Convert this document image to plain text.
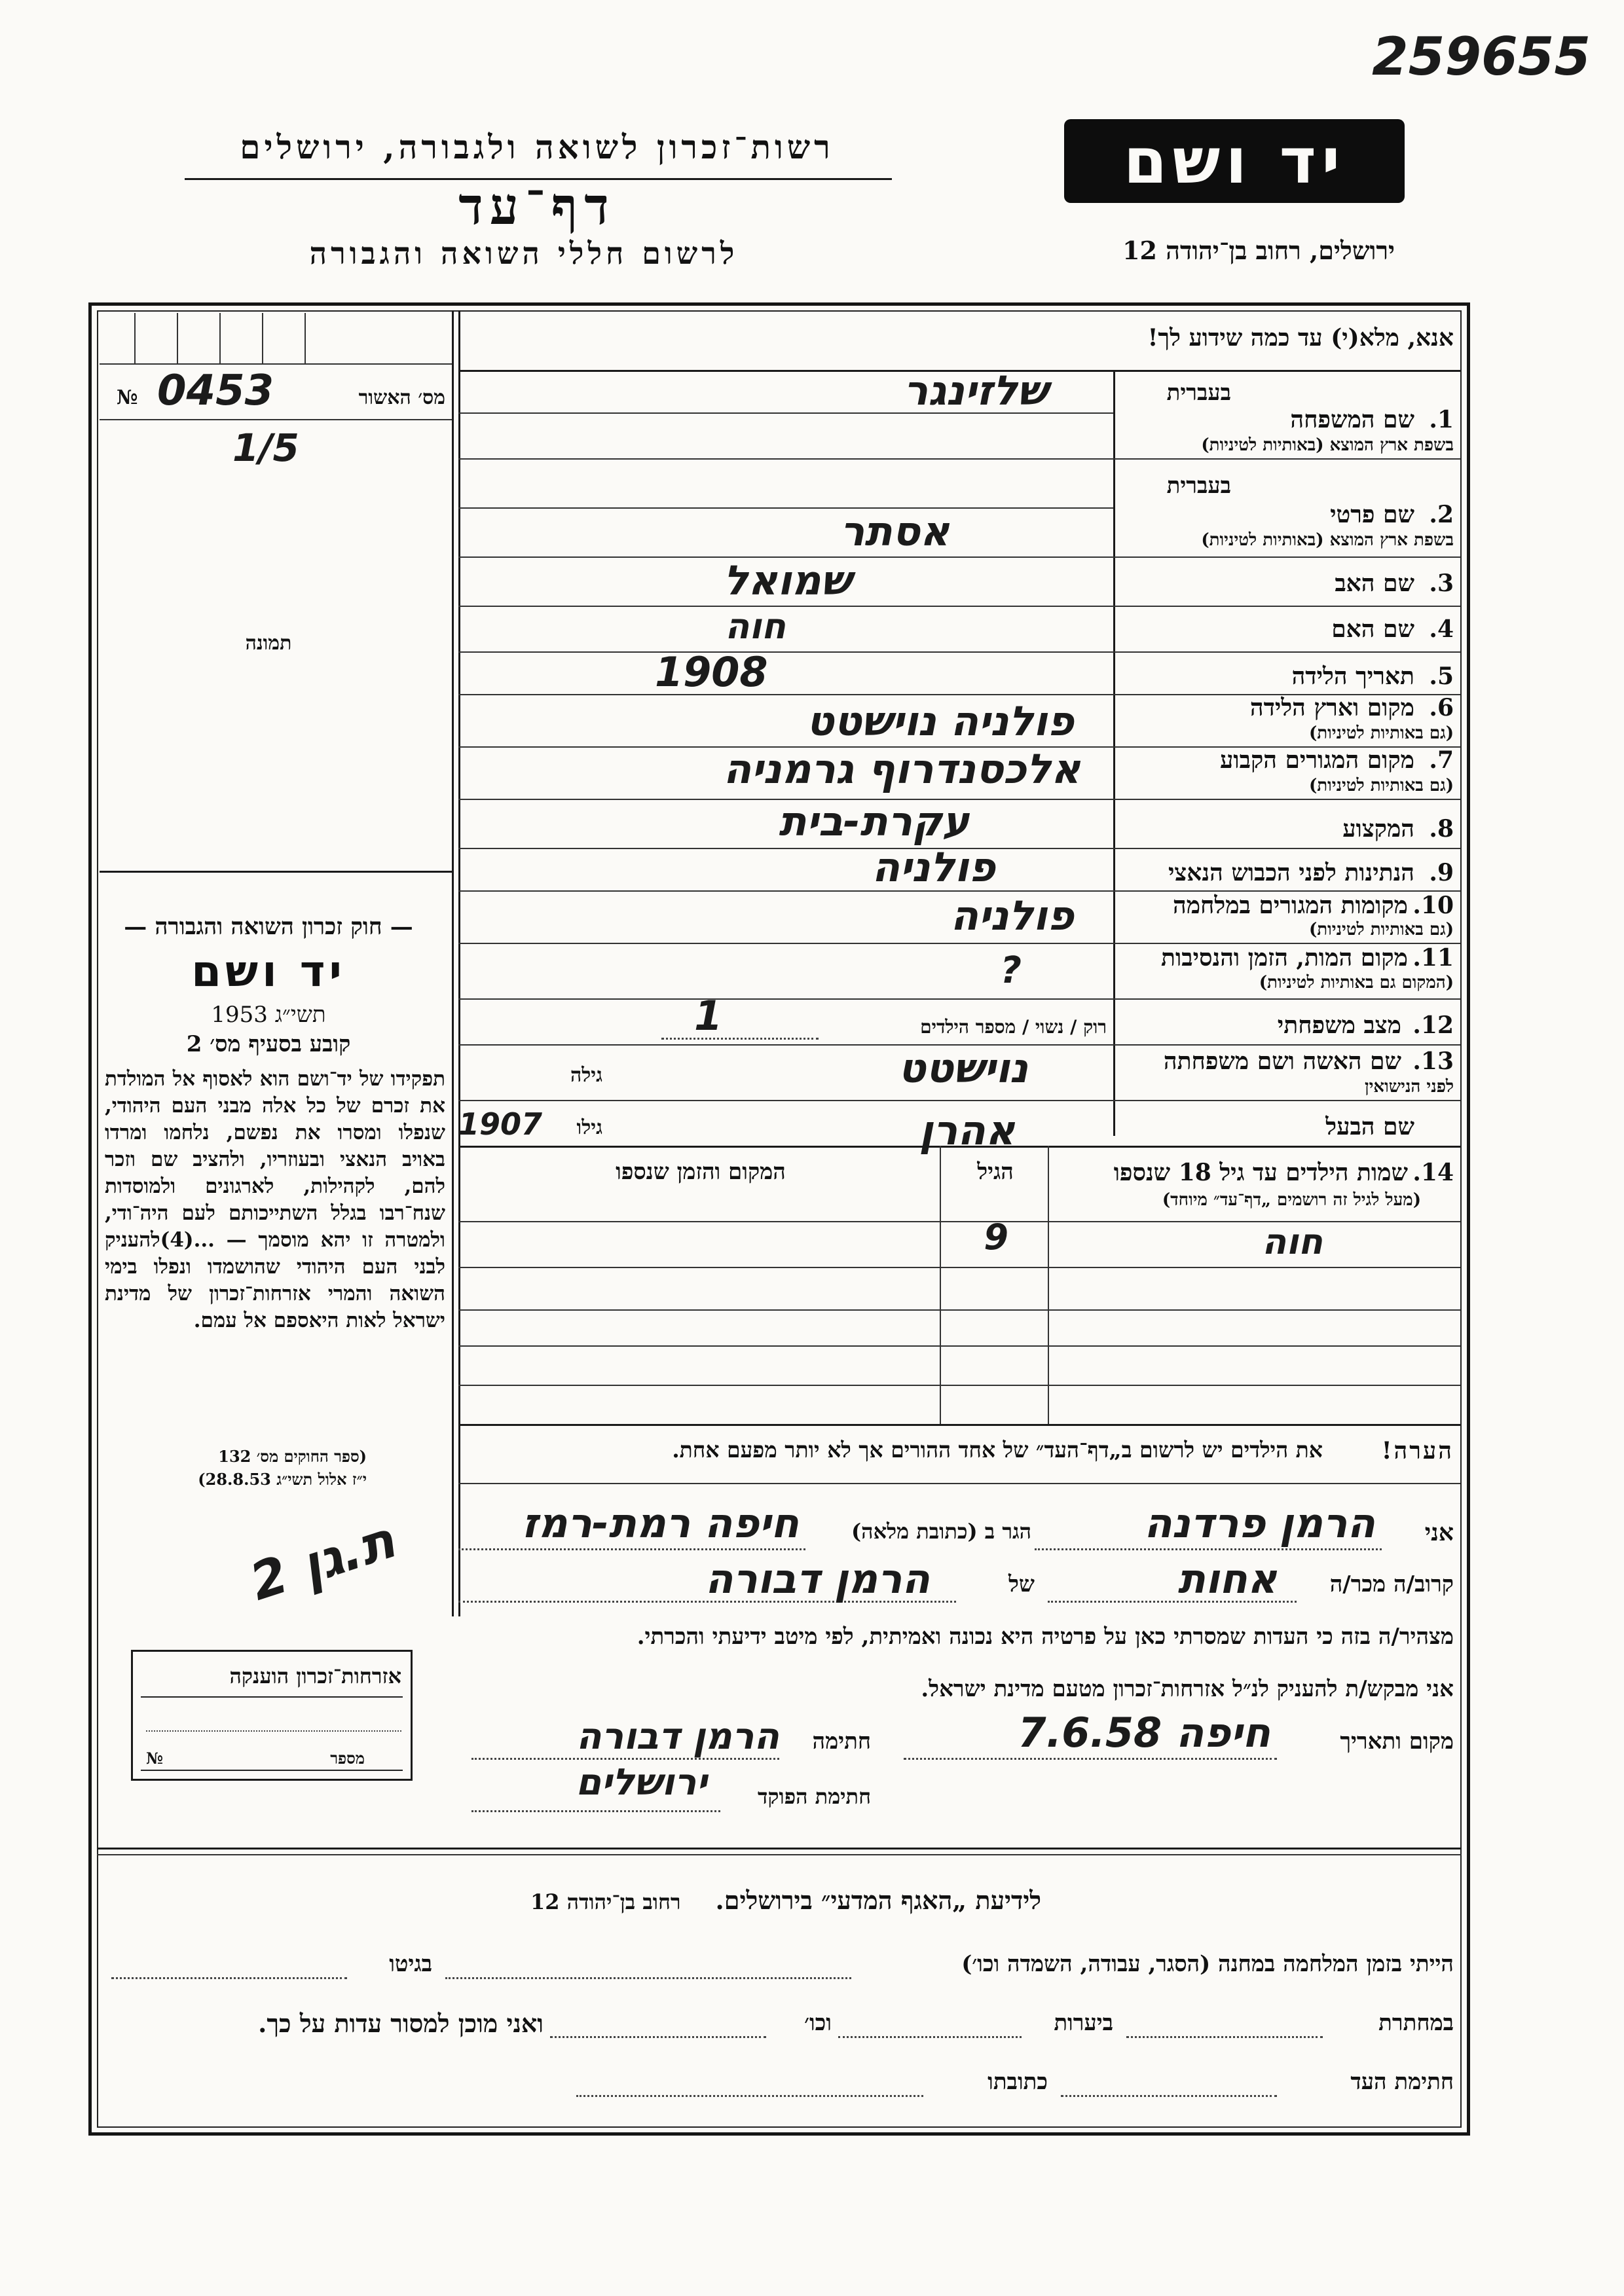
259655
רשות־זכרון לשואה ולגבורה, ירושלים
דף־עד
לרשום חללי השואה והגבורה
יד ושם
ירושלים, רחוב בן־יהודה 12
אנא, מלא(י) עד כמה שידוע לך!
מס׳ האשור
№ 0453
1/5
תמונה
— חוק זכרון השואה והגבורה —
יד ושם
תשי״ג 1953
קובע בסעיף מס׳ 2
תפקידו של יד־ושם הוא לאסוף אל המולדת את זכרם של כל אלה מבני העם היהודי, שנפלו ומסרו את נפשם, נלחמו ומרדו באויב הנאצי ובעוזריו, ולהציב שם וזכר להם, לקהילות, לארגונים ולמוסדות שנח־רבו בגלל השתייכותם לעם היה־ודי, ולמטרה זו יהא מוסמך — ...(4)להעניק לבני העם היהודי שהושמדו ונפלו בימי השואה והמרי אזרחות־זכרון של מדינת ישראל לאות היאספם אל עמם.
(ספר החוקים מס׳ 132
י״ז אלול תשי״ג 28.8.53)
ת.גן 2
אזרחות־זכרון הוענקה
מספר
№
בעברית
1.
שם המשפחה
בשפת ארץ המוצא (באותיות לטיניות)
שלזינגר
בעברית
2.
שם פרטי
בשפת ארץ המוצא (באותיות לטיניות)
אסתר
3.
שם האב
שמואל
4.
שם האם
חוה
5.
תאריך הלידה
1908
6.
מקום וארץ הלידה
(גם באותיות לטיניות)
פולניה נוישטט
7.
מקום המגורים הקבוע
(גם באותיות לטיניות)
אלכסנדרוף גרמניה
8.
המקצוע
עקרת-בית
9.
הנתינות לפני הכבוש הנאצי
פולניה
10.
מקומות המגורים במלחמה
(גם באותיות לטיניות)
פולניה
11.
מקום המות, הזמן והנסיבות
(המקום גם באותיות לטיניות)
?
12.
מצב משפחתי
רוק / נשוי / מספר הילדים
1
13.
שם האשה ושם משפחתה
לפני הנישואין
גילה	נוישטט
שם הבעל
גילו
1907	אהרן
14.
שמות הילדים עד גיל 18 שנספו
(מעל לגיל זה רושמים „דף־עד״ מיוחד)
הגיל
המקום והזמן שנספו
חוה
9
הערה!
את הילדים יש לרשום ב„דף־העד״ של אחד ההורים אך לא יותר מפעם אחת.
אני
הרמן פרדנה
הגר ב (כתובת מלאה)
חיפה רמת-רמז
קרוב/ה מכר/ה
אחות
של
הרמן דבורה
מצהיר/ה בזה כי העדות שמסרתי כאן על פרטיה היא נכונה ואמיתית, לפי מיטב ידיעתי והכרתי.
אני מבקש/ת להעניק לנ״ל אזרחות־זכרון מטעם מדינת ישראל.
מקום ותאריך
חיפה 7.6.58
חתימה
הרמן דבורה
חתימת הפוקד
ירושלים
לידיעת „האגף המדעי״ בירושלים.    רחוב בן־יהודה 12
הייתי בזמן המלחמה במחנה (הסגר, עבודה, השמדה וכו׳)
בגיטו
במחתרת
ביערות
וכו׳
ואני מוכן למסור עדות על כך.
חתימת העד
כתובתו
